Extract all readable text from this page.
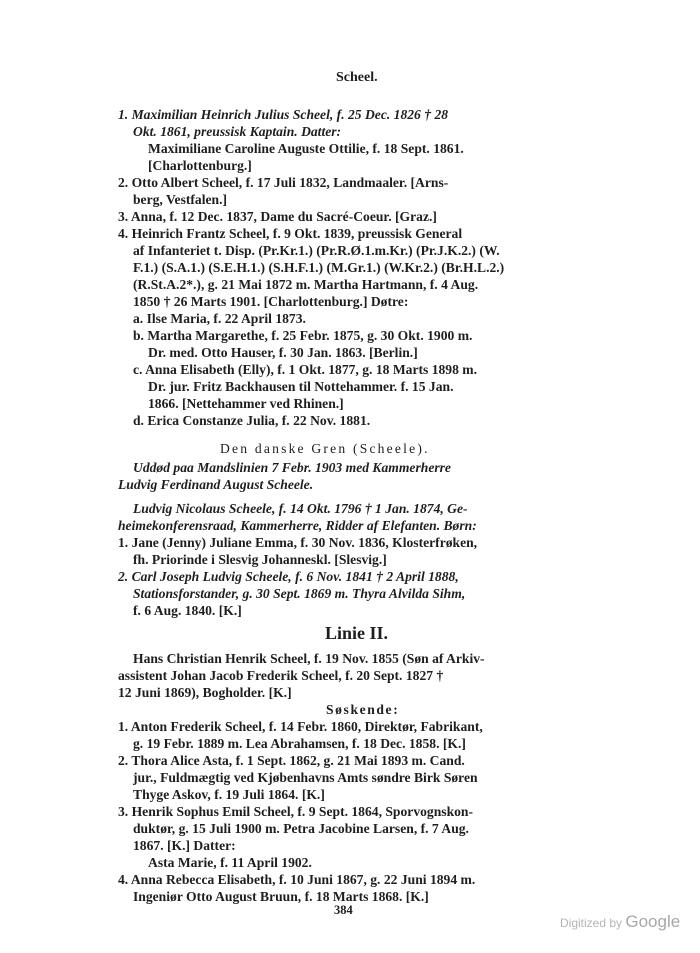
Scheel.
1. Maximilian Heinrich Julius Scheel, f. 25 Dec. 1826 † 28
Okt. 1861, preussisk Kaptain. Datter:
Maximiliane Caroline Auguste Ottilie, f. 18 Sept. 1861.
[Charlottenburg.]
2. Otto Albert Scheel, f. 17 Juli 1832, Landmaaler. [Arns-
berg, Vestfalen.]
3. Anna, f. 12 Dec. 1837, Dame du Sacré-Coeur. [Graz.]
4. Heinrich Frantz Scheel, f. 9 Okt. 1839, preussisk General
af Infanteriet t. Disp. (Pr.Kr.1.) (Pr.R.Ø.1.m.Kr.) (Pr.J.K.2.) (W.
F.1.) (S.A.1.) (S.E.H.1.) (S.H.F.1.) (M.Gr.1.) (W.Kr.2.) (Br.H.L.2.)
(R.St.A.2*.), g. 21 Mai 1872 m. Martha Hartmann, f. 4 Aug.
1850 † 26 Marts 1901. [Charlottenburg.] Døtre:
a. Ilse Maria, f. 22 April 1873.
b. Martha Margarethe, f. 25 Febr. 1875, g. 30 Okt. 1900 m.
Dr. med. Otto Hauser, f. 30 Jan. 1863. [Berlin.]
c. Anna Elisabeth (Elly), f. 1 Okt. 1877, g. 18 Marts 1898 m.
Dr. jur. Fritz Backhausen til Nottehammer. f. 15 Jan.
1866. [Nettehammer ved Rhinen.]
d. Erica Constanze Julia, f. 22 Nov. 1881.
Den danske Gren (Scheele).
Uddød paa Mandslinien 7 Febr. 1903 med Kammerherre
Ludvig Ferdinand August Scheele.
Ludvig Nicolaus Scheele, f. 14 Okt. 1796 † 1 Jan. 1874, Ge-
heimekonferensraad, Kammerherre, Ridder af Elefanten. Børn:
1. Jane (Jenny) Juliane Emma, f. 30 Nov. 1836, Klosterfrøken,
fh. Priorinde i Slesvig Johanneskl. [Slesvig.]
2. Carl Joseph Ludvig Scheele, f. 6 Nov. 1841 † 2 April 1888,
Stationsforstander, g. 30 Sept. 1869 m. Thyra Alvilda Sihm,
f. 6 Aug. 1840. [K.]
Linie II.
Hans Christian Henrik Scheel, f. 19 Nov. 1855 (Søn af Arkiv-
assistent Johan Jacob Frederik Scheel, f. 20 Sept. 1827 †
12 Juni 1869), Bogholder. [K.]
Søskende:
1. Anton Frederik Scheel, f. 14 Febr. 1860, Direktør, Fabrikant,
g. 19 Febr. 1889 m. Lea Abrahamsen, f. 18 Dec. 1858. [K.]
2. Thora Alice Asta, f. 1 Sept. 1862, g. 21 Mai 1893 m. Cand.
jur., Fuldmægtig ved Kjøbenhavns Amts søndre Birk Søren
Thyge Askov, f. 19 Juli 1864. [K.]
3. Henrik Sophus Emil Scheel, f. 9 Sept. 1864, Sporvognskon-
duktør, g. 15 Juli 1900 m. Petra Jacobine Larsen, f. 7 Aug.
1867. [K.] Datter:
Asta Marie, f. 11 April 1902.
4. Anna Rebecca Elisabeth, f. 10 Juni 1867, g. 22 Juni 1894 m.
Ingeniør Otto August Bruun, f. 18 Marts 1868. [K.]
384
Digitized by Google
